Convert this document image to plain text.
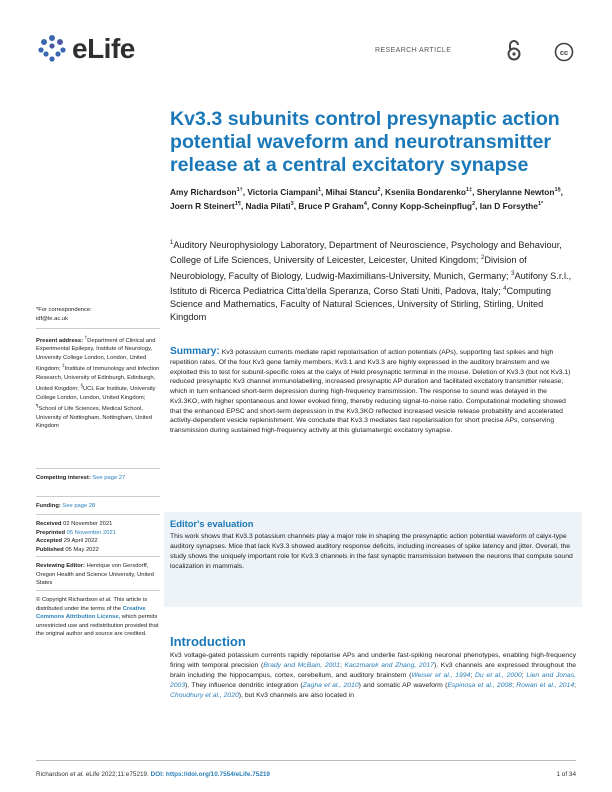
eLife	RESEARCH ARTICLE	cc
Kv3.3 subunits control presynaptic action potential waveform and neurotransmitter release at a central excitatory synapse
Amy Richardson$^{1\dagger}$, Victoria Ciampani$^1$, Mihai Stancu$^2$, Kseniia Bondarenko$^{1\ddagger}$, Sherylanne Newton$^{1\S}$, Joern R Steinert$^{1\P}$, Nadia Pilati$^3$, Bruce P Graham$^4$, Conny Kopp-Scheinpflug$^2$, Ian D Forsythe$^{1*}$
$^1$Auditory Neurophysiology Laboratory, Department of Neuroscience, Psychology and Behaviour, College of Life Sciences, University of Leicester, Leicester, United Kingdom; $^2$Division of Neurobiology, Faculty of Biology, Ludwig-Maximilians-University, Munich, Germany; $^3$Autifony S.r.l., Istituto di Ricerca Pediatrica Citta'della Speranza, Corso Stati Uniti, Padova, Italy; $^4$Computing Science and Mathematics, Faculty of Natural Sciences, University of Stirling, Stirling, United Kingdom
*For correspondence:
idf@le.ac.uk
Present address: †Department of Clinical and Experimental Epilepsy, Institute of Neurology, University College London, London, United Kingdom; ‡Institute of Immunology and Infection Research, University of Edinburgh, Edinburgh, United Kingdom; §UCL Ear Institute, University College London, London, United Kingdom; ¶School of Life Sciences, Medical School, University of Nottingham, Nottingham, United Kingdom
Competing interest: See page 27
Funding: See page 28
Received 02 November 2021
Preprinted 05 November 2021
Accepted 29 April 2022
Published 05 May 2022
Reviewing Editor: Henrique von Gersdorff, Oregon Health and Science University, United States
© Copyright Richardson et al. This article is distributed under the terms of the Creative Commons Attribution License, which permits unrestricted use and redistribution provided that the original author and source are credited.
Summary: Kv3 potassium currents mediate rapid repolarisation of action potentials (APs), supporting fast spikes and high repetition rates. Of the four Kv3 gene family members, Kv3.1 and Kv3.3 are highly expressed in the auditory brainstem and we exploited this to test for subunit-specific roles at the calyx of Held presynaptic terminal in the mouse. Deletion of Kv3.3 (but not Kv3.1) reduced presynaptic Kv3 channel immunolabelling, increased presynaptic AP duration and facilitated excitatory transmitter release; which in turn enhanced short-term depression during high-frequency transmission. The response to sound was delayed in the Kv3.3KO, with higher spontaneous and lower evoked firing, thereby reducing signal-to-noise ratio. Computational modelling showed that the enhanced EPSC and short-term depression in the Kv3.3KO reflected increased vesicle release probability and accelerated activity-dependent vesicle replenishment. We conclude that Kv3.3 mediates fast repolarisation for short precise APs, conserving transmission during sustained high-frequency activity at this glutamatergic excitatory synapse.
Editor's evaluation
This work shows that Kv3.3 potassium channels play a major role in shaping the presynaptic action potential waveform of calyx-type auditory synapses. Mice that lack Kv3.3 showed auditory response deficits, including increases of spike latency and jitter. Overall, the study shows the uniquely important role for Kv3.3 channels in the fast synaptic transmission between the neurons that compute sound localization in mammals.
Introduction
Kv3 voltage-gated potassium currents rapidly repolarise APs and underlie fast-spiking neuronal phenotypes, enabling high-frequency firing with temporal precision (Brady and McBain, 2001; Kaczmarek and Zhang, 2017). Kv3 channels are expressed throughout the brain including the hippocampus, cortex, cerebellum, and auditory brainstem (Weiser et al., 1994; Du et al., 2000; Lien and Jonas, 2003). They influence dendritic integration (Zagha et al., 2010) and somatic AP waveform (Espinosa et al., 2008; Rowan et al., 2014; Choudhury et al., 2020), but Kv3 channels are also located in
Richardson et al. eLife 2022;11:e75219. DOI: https://doi.org/10.7554/eLife.75219	1 of 34
